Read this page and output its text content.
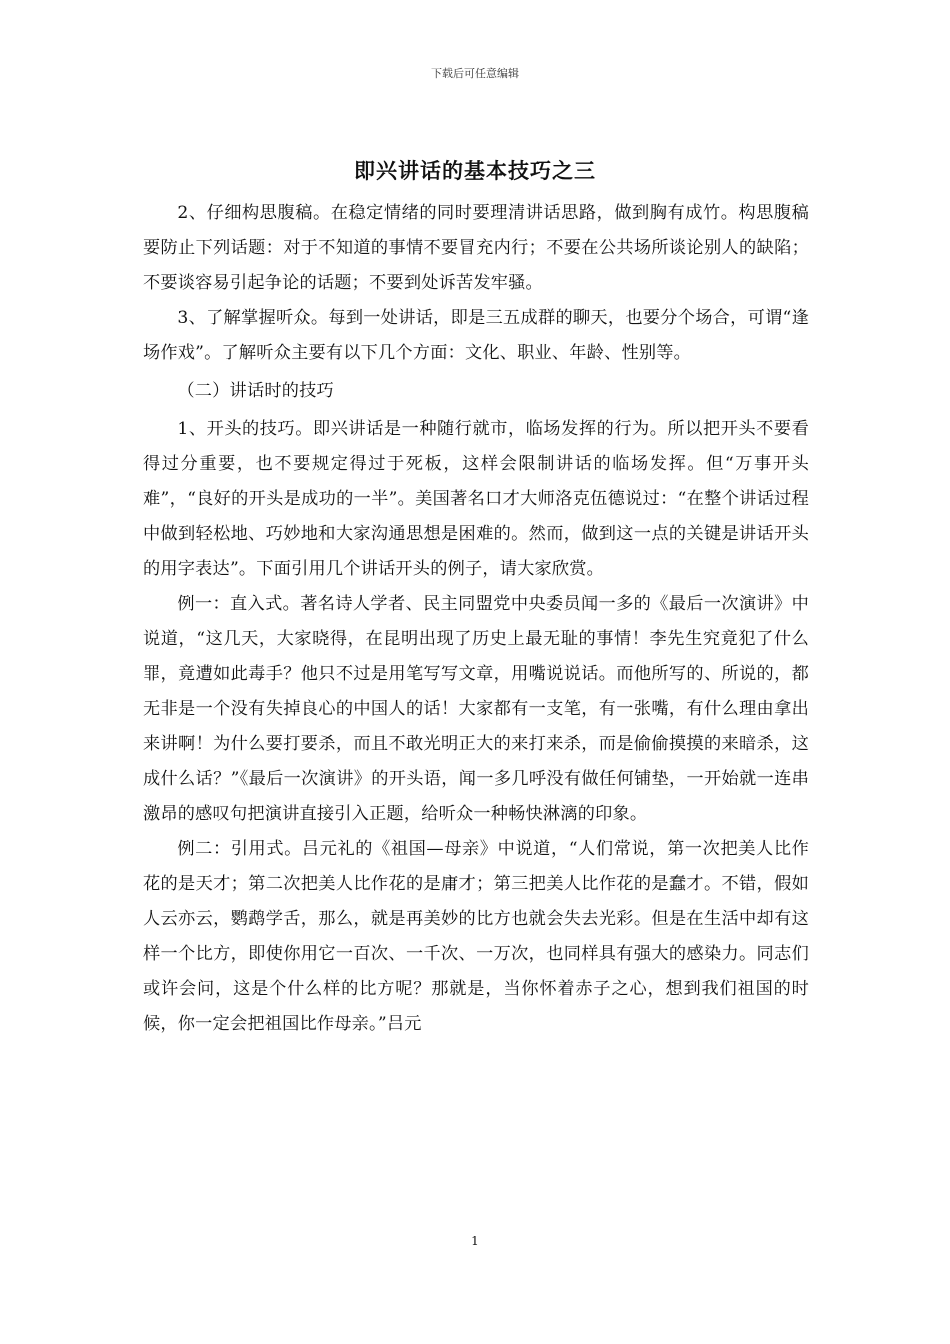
下载后可任意编辑
即兴讲话的基本技巧之三

2、仔细构思腹稿。在稳定情绪的同时要理清讲话思路，做到胸有成竹。构思腹稿要防止下列话题：对于不知道的事情不要冒充内行；不要在公共场所谈论别人的缺陷；不要谈容易引起争论的话题；不要到处诉苦发牢骚。

3、了解掌握听众。每到一处讲话，即是三五成群的聊天，也要分个场合，可谓“逢场作戏”。了解听众主要有以下几个方面：文化、职业、年龄、性别等。

（二）讲话时的技巧

1、开头的技巧。即兴讲话是一种随行就市，临场发挥的行为。所以把开头不要看得过分重要，也不要规定得过于死板，这样会限制讲话的临场发挥。但“万事开头难”，“良好的开头是成功的一半”。美国著名口才大师洛克伍德说过：“在整个讲话过程中做到轻松地、巧妙地和大家沟通思想是困难的。然而，做到这一点的关键是讲话开头的用字表达”。下面引用几个讲话开头的例子，请大家欣赏。

例一：直入式。著名诗人学者、民主同盟党中央委员闻一多的《最后一次演讲》中说道，“这几天，大家晓得，在昆明出现了历史上最无耻的事情！李先生究竟犯了什么罪，竟遭如此毒手？他只不过是用笔写写文章，用嘴说说话。而他所写的、所说的，都无非是一个没有失掉良心的中国人的话！大家都有一支笔，有一张嘴，有什么理由拿出来讲啊！为什么要打要杀，而且不敢光明正大的来打来杀，而是偷偷摸摸的来暗杀，这成什么话？”《最后一次演讲》的开头语，闻一多几呼没有做任何铺垫，一开始就一连串激昂的感叹句把演讲直接引入正题，给听众一种畅快淋漓的印象。

例二：引用式。吕元礼的《祖国—母亲》中说道，“人们常说，第一次把美人比作花的是天才；第二次把美人比作花的是庸才；第三把美人比作花的是蠢才。不错，假如人云亦云，鹦鹉学舌，那么，就是再美妙的比方也就会失去光彩。但是在生活中却有这样一个比方，即使你用它一百次、一千次、一万次，也同样具有强大的感染力。同志们或许会问，这是个什么样的比方呢？那就是，当你怀着赤子之心，想到我们祖国的时候，你一定会把祖国比作母亲。”吕元

1
